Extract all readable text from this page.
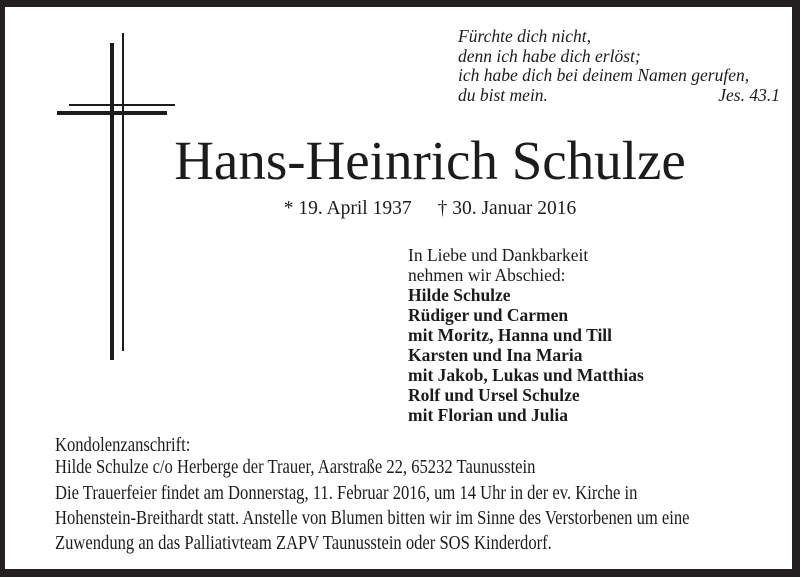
Fürchte dich nicht,
denn ich habe dich erlöst;
ich habe dich bei deinem Namen gerufen,
du bist mein.	Jes. 43.1
Hans-Heinrich Schulze
* 19. April 1937 † 30. Januar 2016
In Liebe und Dankbarkeit
nehmen wir Abschied:
Hilde Schulze
Rüdiger und Carmen
mit Moritz, Hanna und Till
Karsten und Ina Maria
mit Jakob, Lukas und Matthias
Rolf und Ursel Schulze
mit Florian und Julia
Kondolenzanschrift:
Hilde Schulze c/o Herberge der Trauer, Aarstraße 22, 65232 Taunusstein
Die Trauerfeier findet am Donnerstag, 11. Februar 2016, um 14 Uhr in der ev. Kirche in
Hohenstein-Breithardt statt. Anstelle von Blumen bitten wir im Sinne des Verstorbenen um eine
Zuwendung an das Palliativteam ZAPV Taunusstein oder SOS Kinderdorf.
